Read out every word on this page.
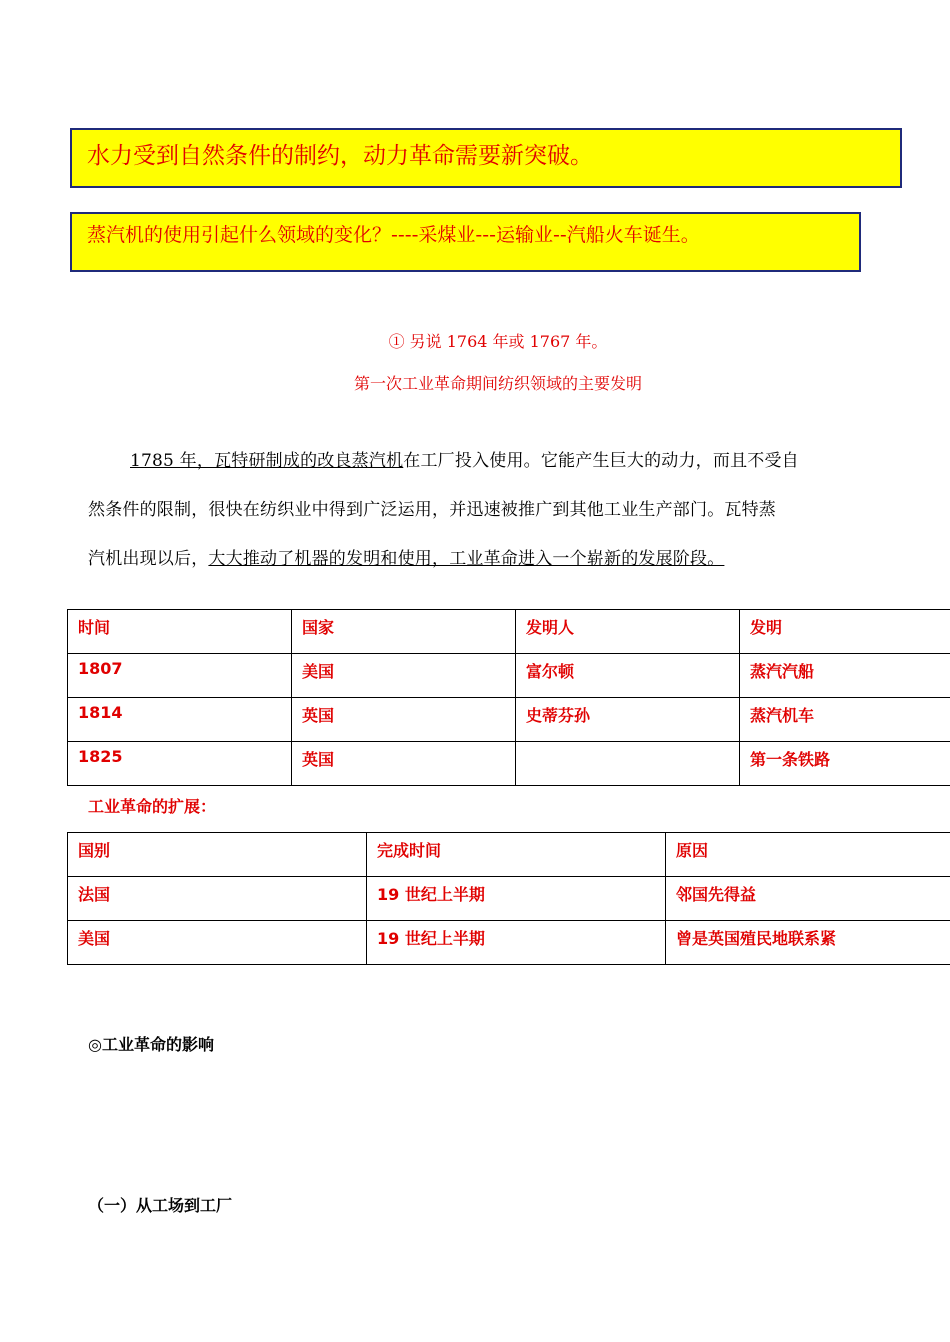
水力受到自然条件的制约，动力革命需要新突破。
蒸汽机的使用引起什么领域的变化？----采煤业---运输业--汽船火车诞生。
① 另说 1764 年或 1767 年。
第一次工业革命期间纺织领域的主要发明

1785 年，瓦特研制成的改良蒸汽机在工厂投入使用。它能产生巨大的动力，而且不受自

然条件的限制，很快在纺织业中得到广泛运用，并迅速被推广到其他工业生产部门。瓦特蒸

汽机出现以后，大大推动了机器的发明和使用，工业革命进入一个崭新的发展阶段。

时间	国家	发明人	发明
1807	美国	富尔顿	蒸汽汽船
1814	英国	史蒂芬孙	蒸汽机车
1825	英国		第一条铁路
工业革命的扩展：
国别	完成时间	原因
法国	19 世纪上半期	邻国先得益
美国	19 世纪上半期	曾是英国殖民地联系紧
◎工业革命的影响
（一）从工场到工厂
